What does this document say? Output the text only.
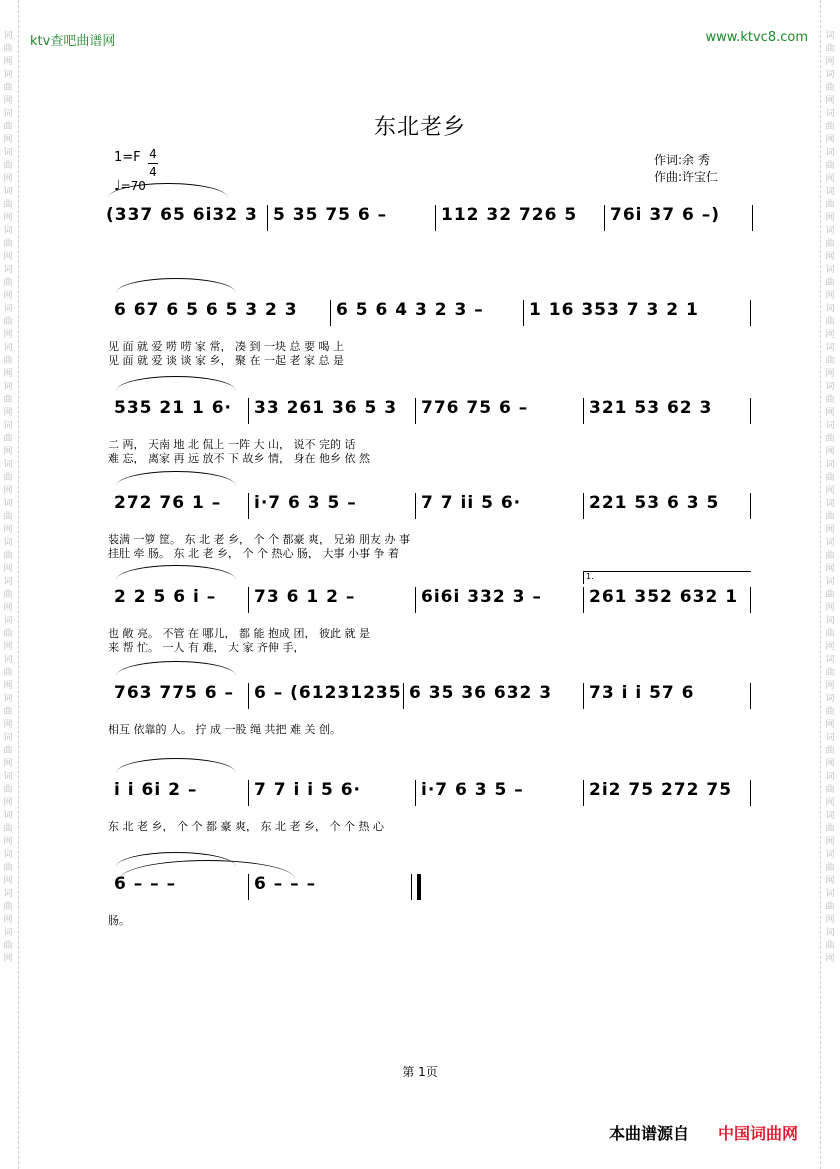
词曲网词曲网词曲网词曲网词曲网词曲网词曲网词曲网词曲网词曲网词曲网词曲网词曲网词曲网词曲网词曲网词曲网词曲网词曲网词曲网词曲网词曲网词曲网词曲网
词曲网词曲网词曲网词曲网词曲网词曲网词曲网词曲网词曲网词曲网词曲网词曲网词曲网词曲网词曲网词曲网词曲网词曲网词曲网词曲网词曲网词曲网词曲网词曲网
ktv查吧曲谱网	www.ktvc8.com
东北老乡
1=F 4
4
♩=70
作词:余 秀
作曲:许宝仁
(337 65 6i32 3 5 35 75 6 –	112 32 726 5 76i 37 6 –)
6 67 6 5 6 5 3 2 3 6 5 6 4 3 2 3 –	1 16 353 7 3 2 1
见 面 就 爱 唠 唠 家 常， 凑 到 一块 总 要 喝 上
见 面 就 爱 谈 谈 家 乡， 聚 在 一起 老 家 总 是
535 21 1 6· 33 261 36 5 3 776 75 6 –	321 53 62 3
二 两， 天南 地 北 侃上 一阵 大 山， 说不 完的 话
难 忘， 离家 再 远 放不 下 故乡 情， 身在 他乡 依 然
272 76 1 – i·7 6 3 5 –	7 7 ii 5 6·	221 53 6 3 5
装满 一箩 筐。 东 北 老 乡， 个 个 都豪 爽， 兄弟 朋友 办 事
挂肚 牵 肠。 东 北 老 乡， 个 个 热心 肠， 大事 小事 争 着
2 2 5 6 i – 73 6 1 2 –	6i6i 332 3 –	261 352 632 1
也 敞 亮。 不管 在 哪儿， 都 能 抱成 团， 彼此 就 是
来 帮 忙。 一人 有 难， 大 家 齐伸 手，
763 775 6 – 6 – (61231235 6 35 36 632 3 73 i i 57 6
相互 依靠的 人。 拧 成 一股 绳 共把 难 关 创。
i i 6i 2 –	7 7 i i 5 6·	i·7 6 3 5 –	2i2 75 272 75
东 北 老 乡， 个 个 都 豪 爽， 东 北 老 乡， 个 个 热 心
6 – – –	6 – – –
肠。
1.
第 1页
本曲谱源自 中国词曲网
